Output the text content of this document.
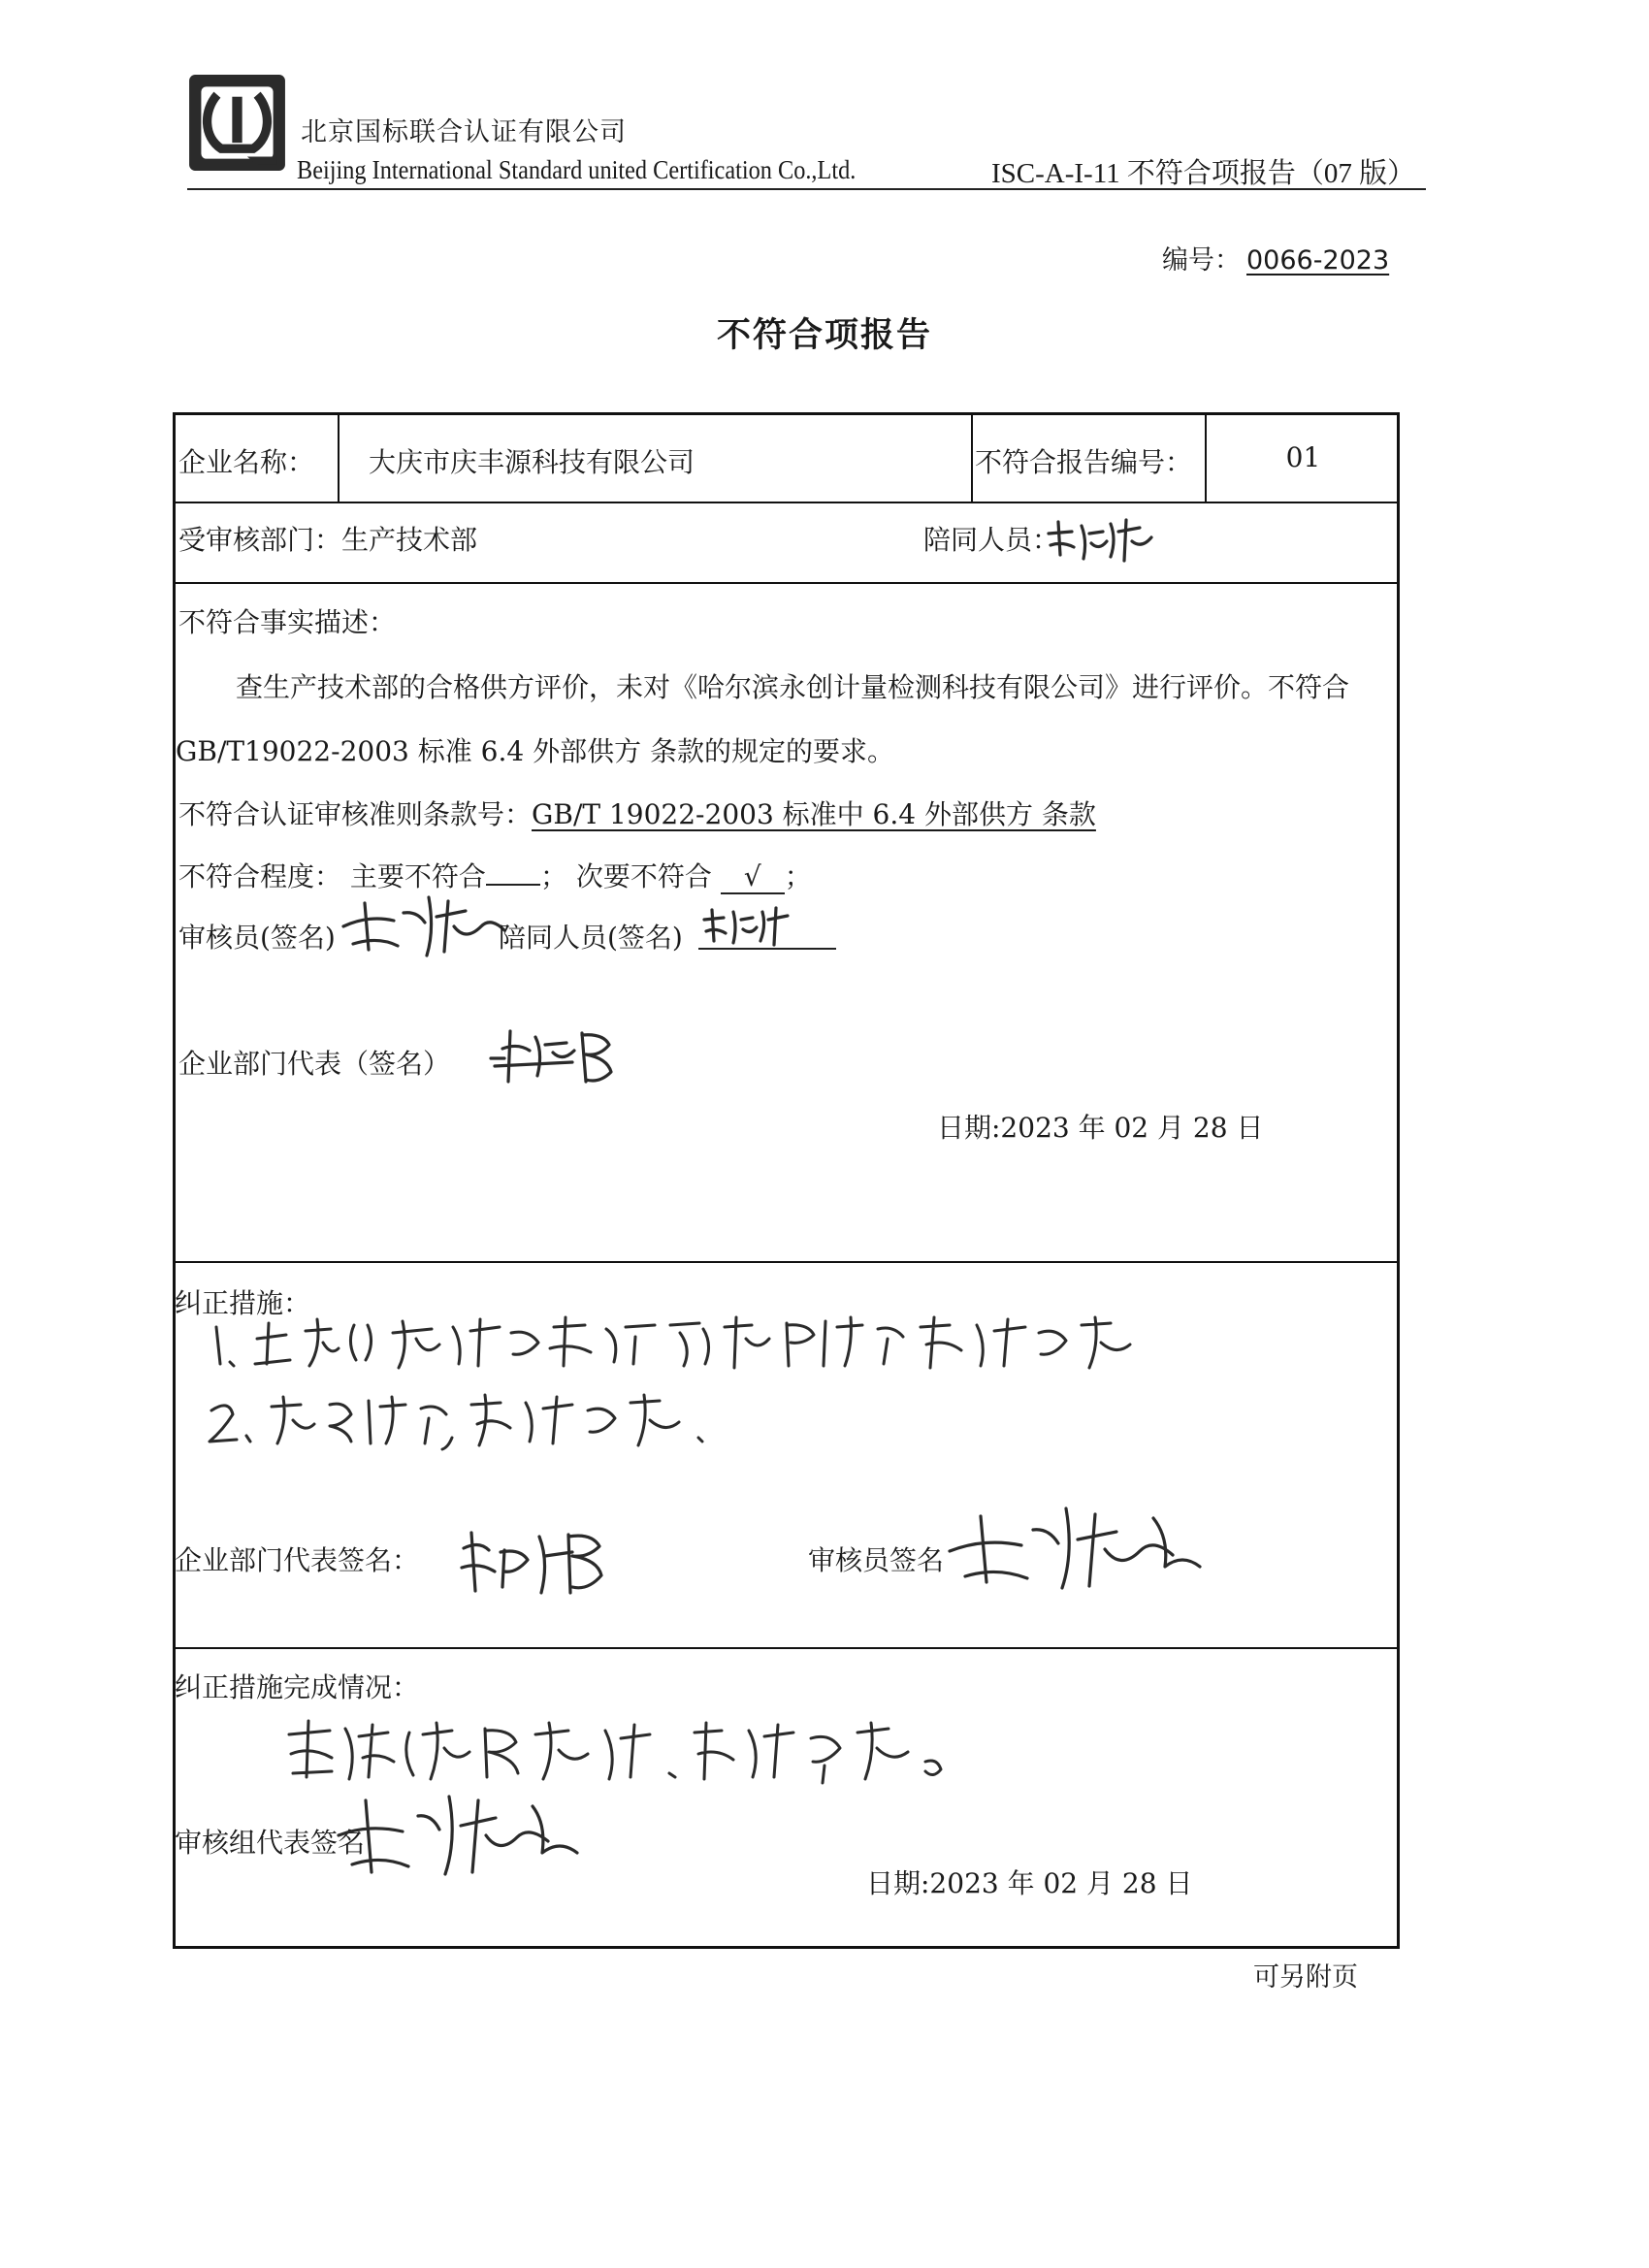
北京国标联合认证有限公司
Beijing International Standard united Certification Co.,Ltd.	ISC-A-I-11 不符合项报告（07 版）
编号： 0066-2023
不符合项报告
企业名称： 大庆市庆丰源科技有限公司	不符合报告编号：	01
受审核部门：生产技术部	陪同人员：
不符合事实描述：
查生产技术部的合格供方评价，未对《哈尔滨永创计量检测科技有限公司》进行评价。不符合
GB/T19022-2003 标准 6.4 外部供方 条款的规定的要求。
不符合认证审核准则条款号：GB/T 19022-2003 标准中 6.4 外部供方 条款
不符合程度： 主要不符合 ； 次要不符合 √ ；
审核员(签名)	陪同人员(签名)
企业部门代表（签名）
日期:2023 年 02 月 28 日
纠正措施：
企业部门代表签名：	审核员签名
纠正措施完成情况：
审核组代表签名
日期:2023 年 02 月 28 日
可另附页
